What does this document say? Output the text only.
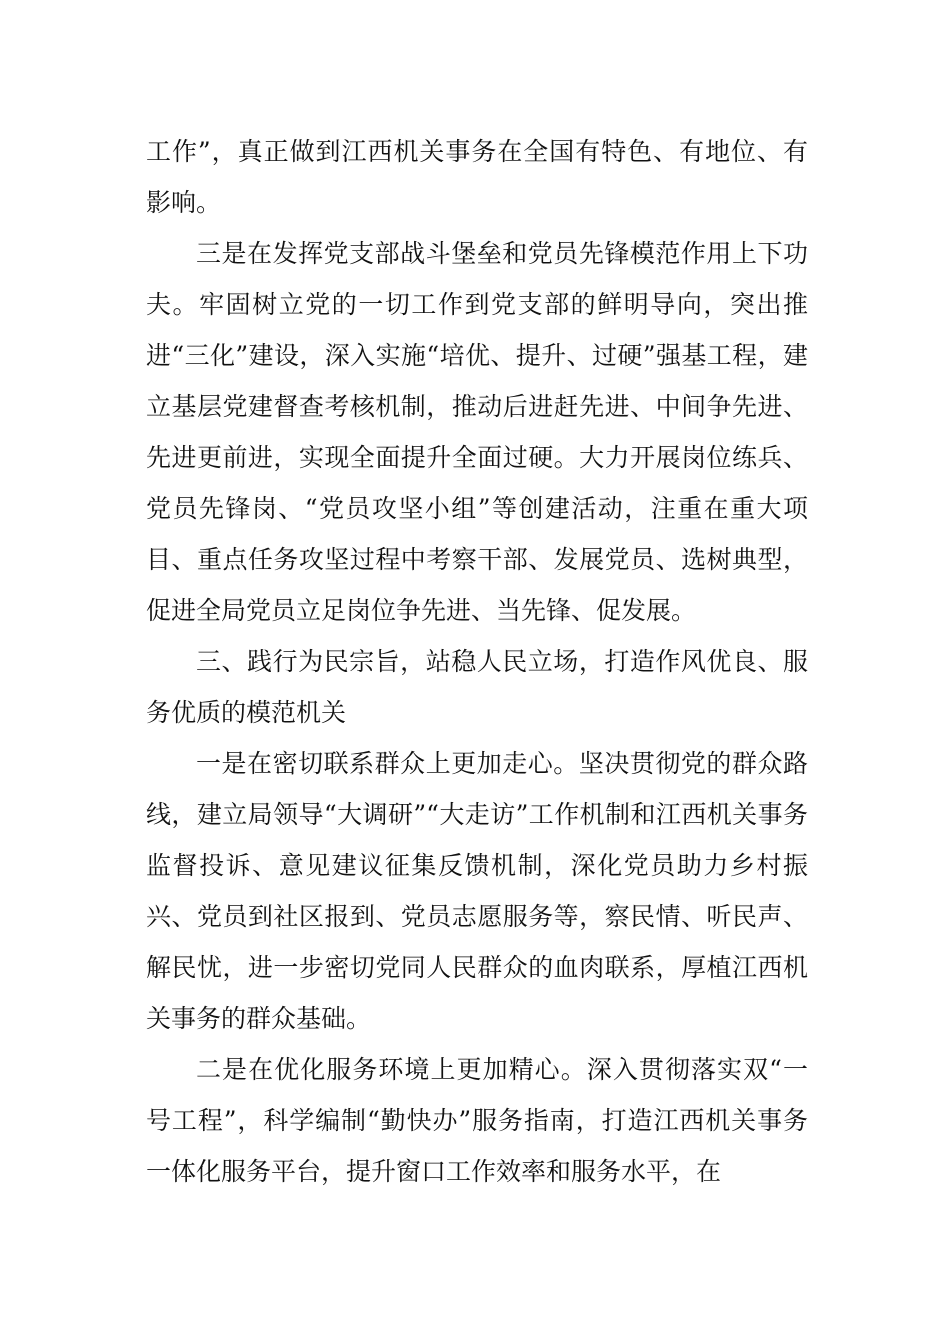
工作”，真正做到江西机关事务在全国有特色、有地位、有影响。

三是在发挥党支部战斗堡垒和党员先锋模范作用上下功夫。牢固树立党的一切工作到党支部的鲜明导向，突出推进“三化”建设，深入实施“培优、提升、过硬”强基工程，建立基层党建督查考核机制，推动后进赶先进、中间争先进、先进更前进，实现全面提升全面过硬。大力开展岗位练兵、党员先锋岗、“党员攻坚小组”等创建活动，注重在重大项目、重点任务攻坚过程中考察干部、发展党员、选树典型，促进全局党员立足岗位争先进、当先锋、促发展。

三、践行为民宗旨，站稳人民立场，打造作风优良、服务优质的模范机关

一是在密切联系群众上更加走心。坚决贯彻党的群众路线，建立局领导“大调研”“大走访”工作机制和江西机关事务监督投诉、意见建议征集反馈机制，深化党员助力乡村振兴、党员到社区报到、党员志愿服务等，察民情、听民声、解民忧，进一步密切党同人民群众的血肉联系，厚植江西机关事务的群众基础。

二是在优化服务环境上更加精心。深入贯彻落实双“一号工程”，科学编制“勤快办”服务指南，打造江西机关事务一体化服务平台，提升窗口工作效率和服务水平，在
